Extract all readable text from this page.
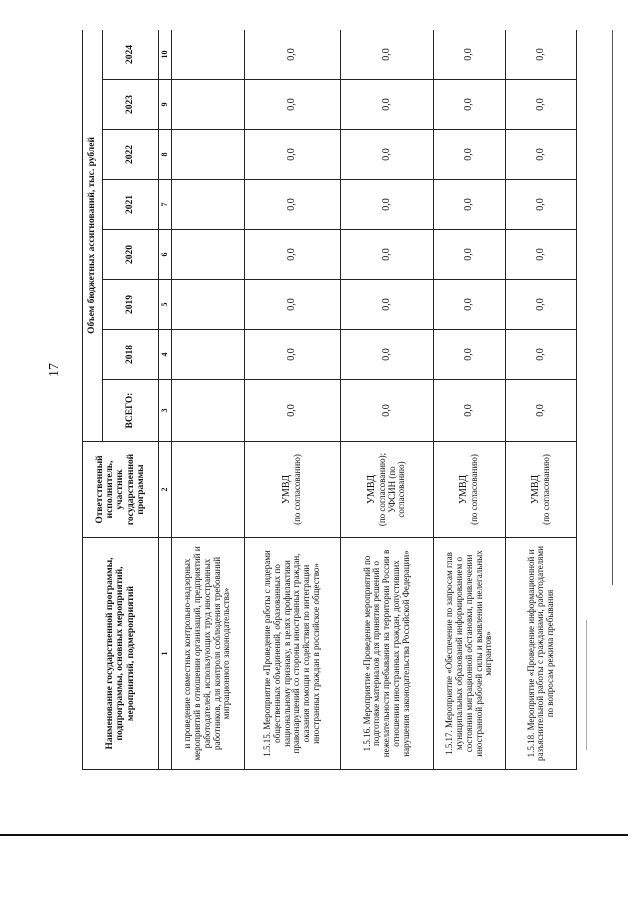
17
Наименование государственной программы, подпрограммы, основных мероприятий, мероприятий, подмероприятий	Ответственный исполнитель, участник государственной программы	Объем бюджетных ассигнований, тыс. рублей							
		ВСЕГО:	2018	2019	2020	2021	2022	2023	2024
1	2	3	4	5	6	7	8	9	10
и проведение совместных контрольно-надзорных мероприятий в отношении организаций, предприятий и работодателей, использующих труд иностранных работников, для контроля соблюдения требований миграционного законодательства»									
1.5.15. Мероприятие «Проведение работы с лидерами общественных объединений, образованных по национальному признаку, в целях профилактики правонарушений со стороны иностранных граждан, оказания помощи и содействия по интеграции иностранных граждан в российское общество»	УМВД (по согласованию)	0,0	0,0	0,0	0,0	0,0	0,0	0,0	0,0
1.5.16. Мероприятие «Проведение мероприятий по подготовке материалов для принятия решений о нежелательности пребывания на территории России в отношении иностранных граждан, допустивших нарушения законодательства Российской Федерации»	УМВД (по согласованию); УФСИН (по согласованию)	0,0	0,0	0,0	0,0	0,0	0,0	0,0	0,0
1.5.17. Мероприятие «Обеспечение по запросам глав муниципальных образований информированием о состоянии миграционной обстановки, привлечении иностранной рабочей силы и выявлении нелегальных мигрантов»	УМВД (по согласованию)	0,0	0,0	0,0	0,0	0,0	0,0	0,0	0,0
1.5.18. Мероприятие «Проведение информационной и разъяснительной работы с гражданами, работодателями по вопросам режима пребывания	УМВД (по согласованию)	0,0	0,0	0,0	0,0	0,0	0,0	0,0	0,0
